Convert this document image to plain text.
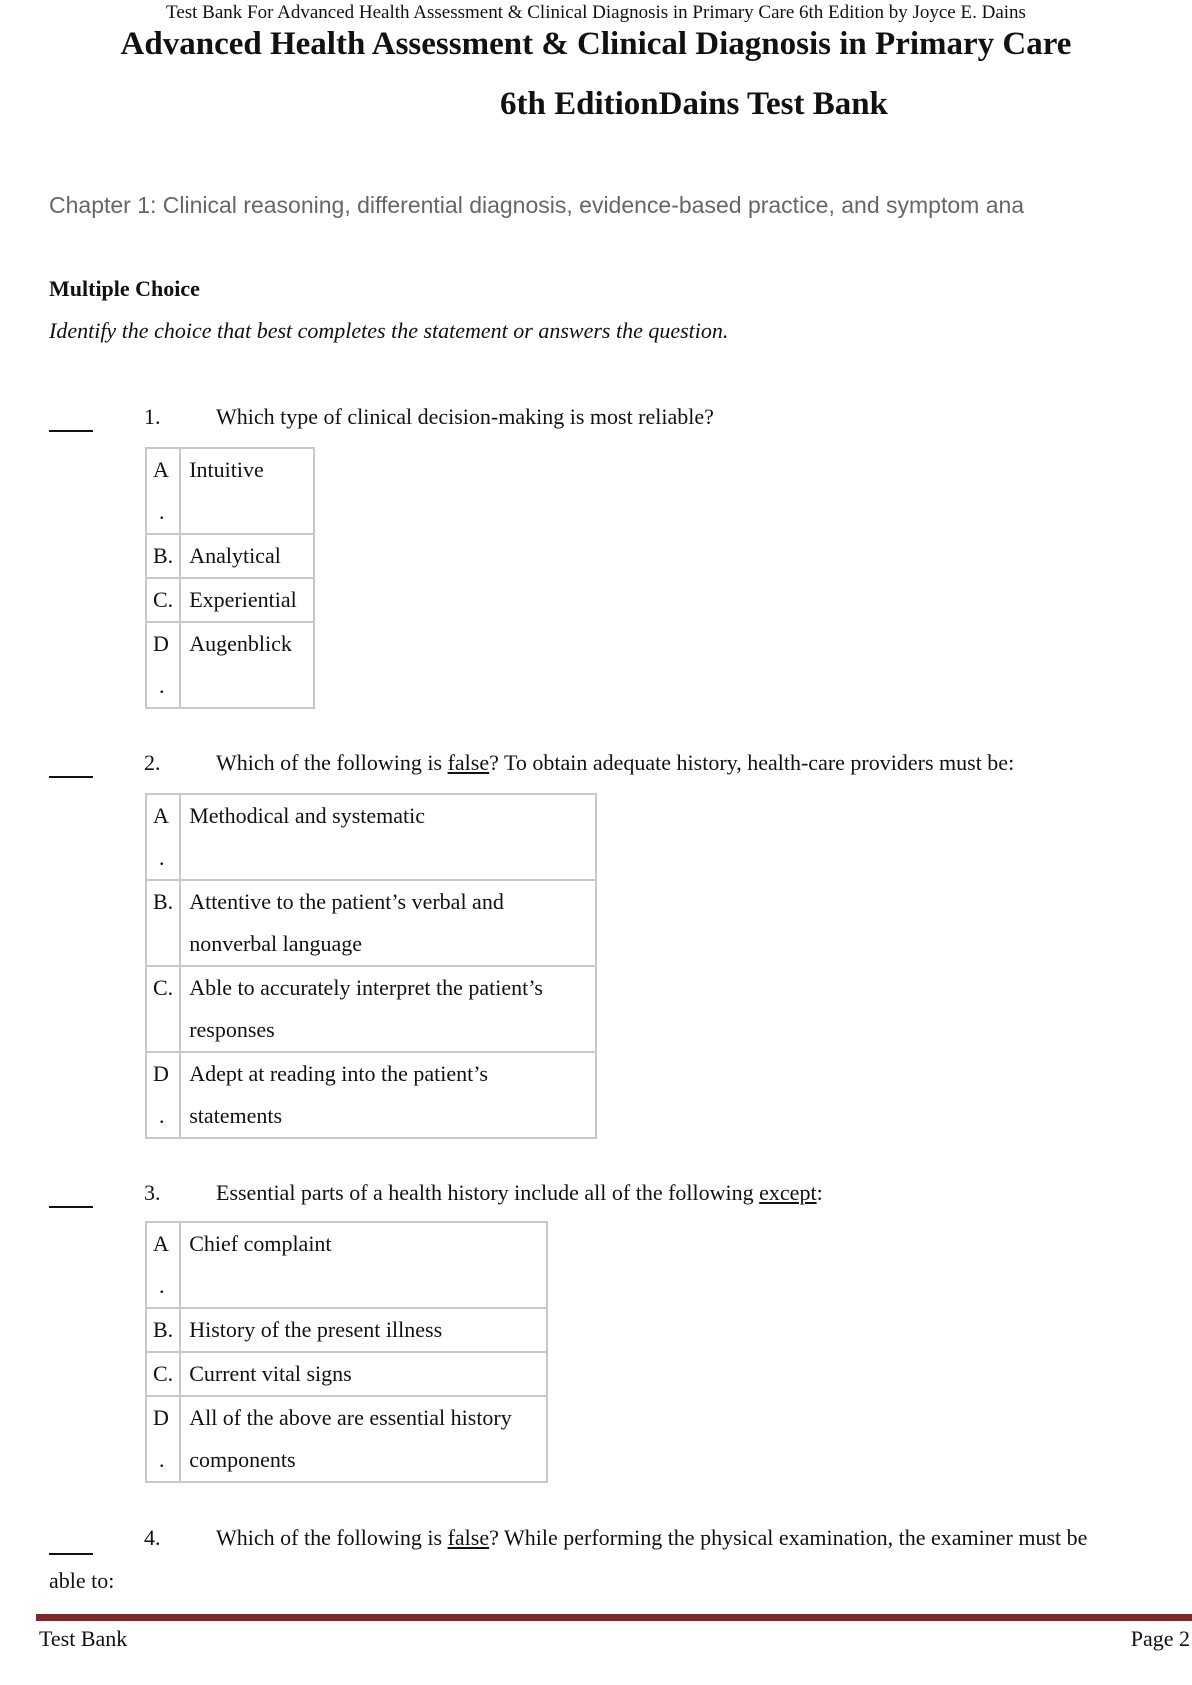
Test Bank For Advanced Health Assessment & Clinical Diagnosis in Primary Care 6th Edition by Joyce E. Dains
Advanced Health Assessment & Clinical Diagnosis in Primary Care
6th EditionDains Test Bank
Chapter 1: Clinical reasoning, differential diagnosis, evidence-based practice, and symptom ana
Multiple Choice
Identify the choice that best completes the statement or answers the question.
1.	Which type of clinical decision-making is most reliable?
A
.	Intuitive

B.	Analytical
C.	Experiential
D
.	Augenblick

2.	Which of the following is false? To obtain adequate history, health-care providers must be:
A
.	Methodical and systematic

B.	Attentive to the patient’s verbal and
nonverbal language
C.	Able to accurately interpret the patient’s
responses
D
.	Adept at reading into the patient’s
statements
3.	Essential parts of a health history include all of the following except:
A
.	Chief complaint

B.	History of the present illness
C.	Current vital signs
D
.	All of the above are essential history
components
4.	Which of the following is false? While performing the physical examination, the examiner must be
able to:
Test Bank	Page 2
